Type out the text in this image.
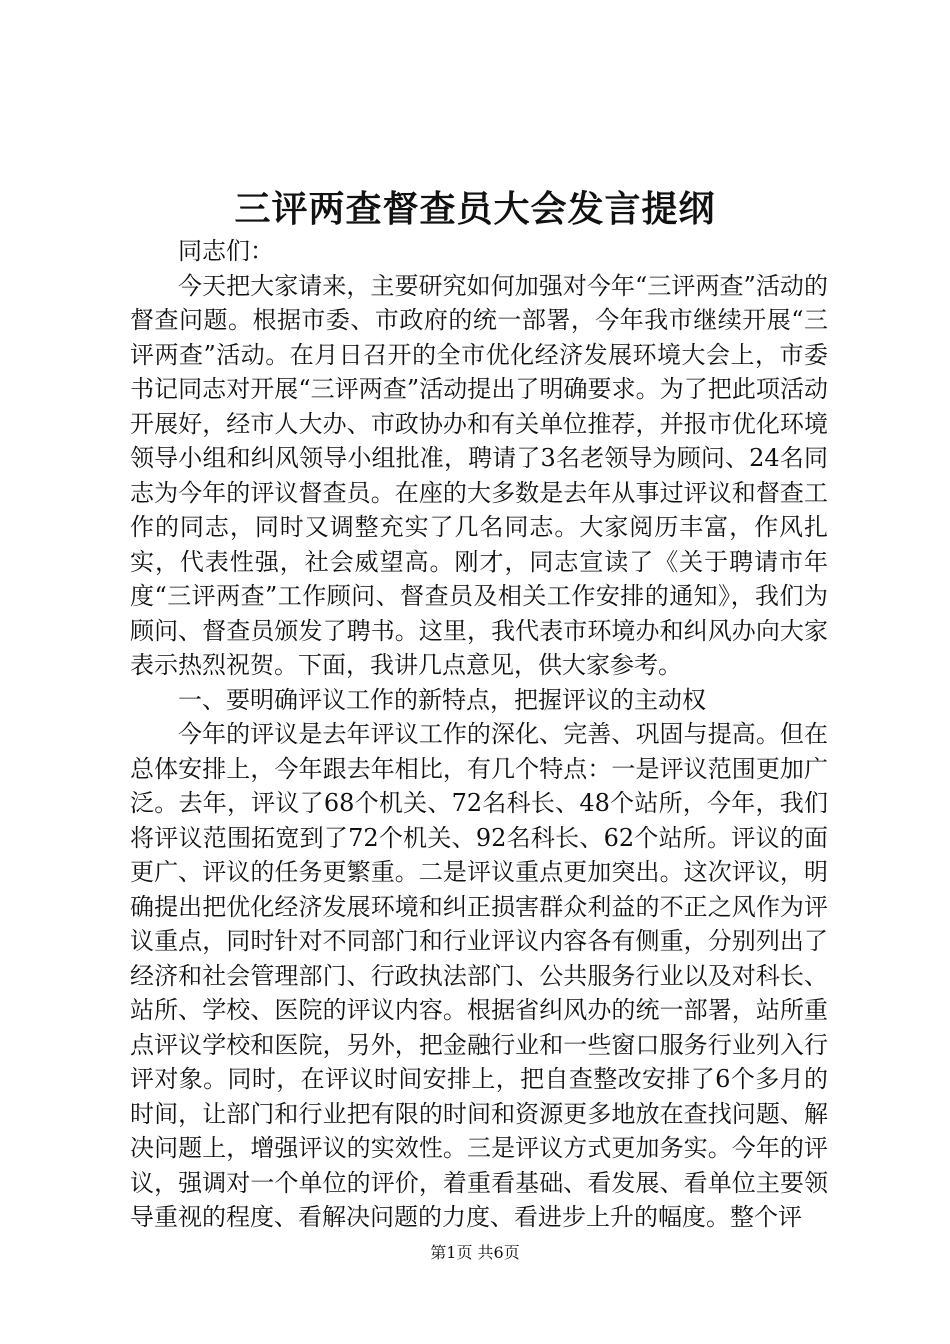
三评两查督查员大会发言提纲

同志们：

今天把大家请来，主要研究如何加强对今年“三评两查”活动的督查问题。根据市委、市政府的统一部署，今年我市继续开展“三评两查”活动。在月日召开的全市优化经济发展环境大会上，市委书记同志对开展“三评两查”活动提出了明确要求。为了把此项活动开展好，经市人大办、市政协办和有关单位推荐，并报市优化环境领导小组和纠风领导小组批准，聘请了3名老领导为顾问、24名同志为今年的评议督查员。在座的大多数是去年从事过评议和督查工作的同志，同时又调整充实了几名同志。大家阅历丰富，作风扎实，代表性强，社会威望高。刚才，同志宣读了《关于聘请市年度“三评两查”工作顾问、督查员及相关工作安排的通知》，我们为顾问、督查员颁发了聘书。这里，我代表市环境办和纠风办向大家表示热烈祝贺。下面，我讲几点意见，供大家参考。

一、要明确评议工作的新特点，把握评议的主动权

今年的评议是去年评议工作的深化、完善、巩固与提高。但在总体安排上，今年跟去年相比，有几个特点：一是评议范围更加广泛。去年，评议了68个机关、72名科长、48个站所，今年，我们将评议范围拓宽到了72个机关、92名科长、62个站所。评议的面更广、评议的任务更繁重。二是评议重点更加突出。这次评议，明确提出把优化经济发展环境和纠正损害群众利益的不正之风作为评议重点，同时针对不同部门和行业评议内容各有侧重，分别列出了经济和社会管理部门、行政执法部门、公共服务行业以及对科长、站所、学校、医院的评议内容。根据省纠风办的统一部署，站所重点评议学校和医院，另外，把金融行业和一些窗口服务行业列入行评对象。同时，在评议时间安排上，把自查整改安排了6个多月的时间，让部门和行业把有限的时间和资源更多地放在查找问题、解决问题上，增强评议的实效性。三是评议方式更加务实。今年的评议，强调对一个单位的评价，着重看基础、看发展、看单位主要领导重视的程度、看解决问题的力度、看进步上升的幅度。整个评

第1页 共6页
